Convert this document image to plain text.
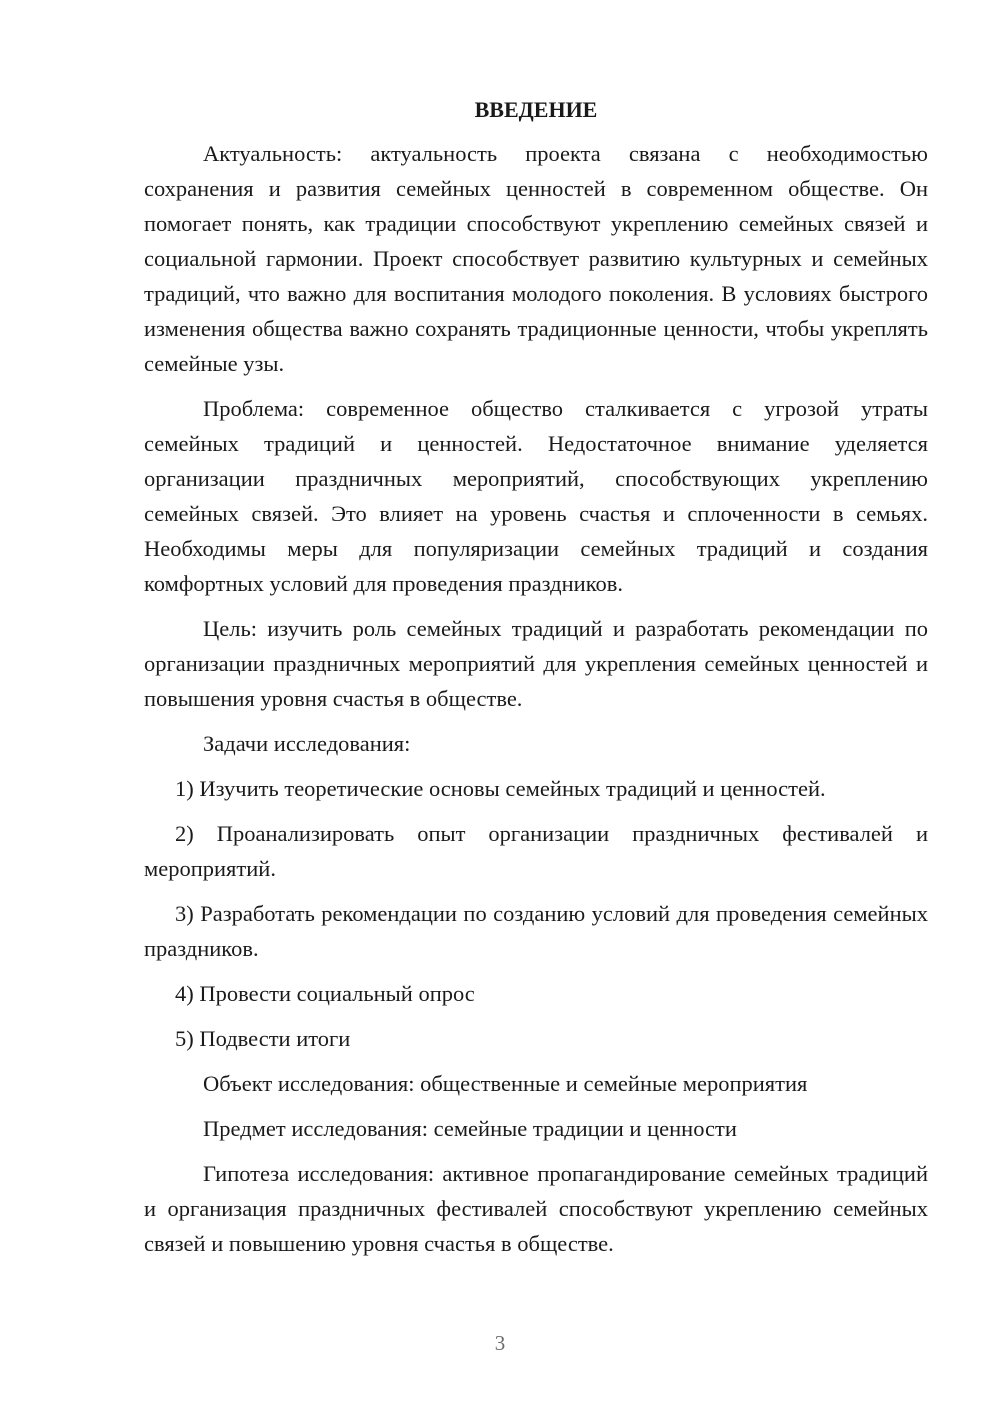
ВВЕДЕНИЕ

Актуальность: актуальность проекта связана с необходимостью сохранения и развития семейных ценностей в современном обществе. Он помогает понять, как традиции способствуют укреплению семейных связей и социальной гармонии. Проект способствует развитию культурных и семейных традиций, что важно для воспитания молодого поколения. В условиях быстрого изменения общества важно сохранять традиционные ценности, чтобы укреплять семейные узы.

Проблема: современное общество сталкивается с угрозой утраты семейных традиций и ценностей. Недостаточное внимание уделяется организации праздничных мероприятий, способствующих укреплению семейных связей. Это влияет на уровень счастья и сплоченности в семьях. Необходимы меры для популяризации семейных традиций и создания комфортных условий для проведения праздников.

Цель: изучить роль семейных традиций и разработать рекомендации по организации праздничных мероприятий для укрепления семейных ценностей и повышения уровня счастья в обществе.

Задачи исследования:

1) Изучить теоретические основы семейных традиций и ценностей.

2) Проанализировать опыт организации праздничных фестивалей и мероприятий.

3) Разработать рекомендации по созданию условий для проведения семейных праздников.

4) Провести социальный опрос

5) Подвести итоги

Объект исследования: общественные и семейные мероприятия

Предмет исследования: семейные традиции и ценности

Гипотеза исследования: активное пропагандирование семейных традиций и организация праздничных фестивалей способствуют укреплению семейных связей и повышению уровня счастья в обществе.

3
